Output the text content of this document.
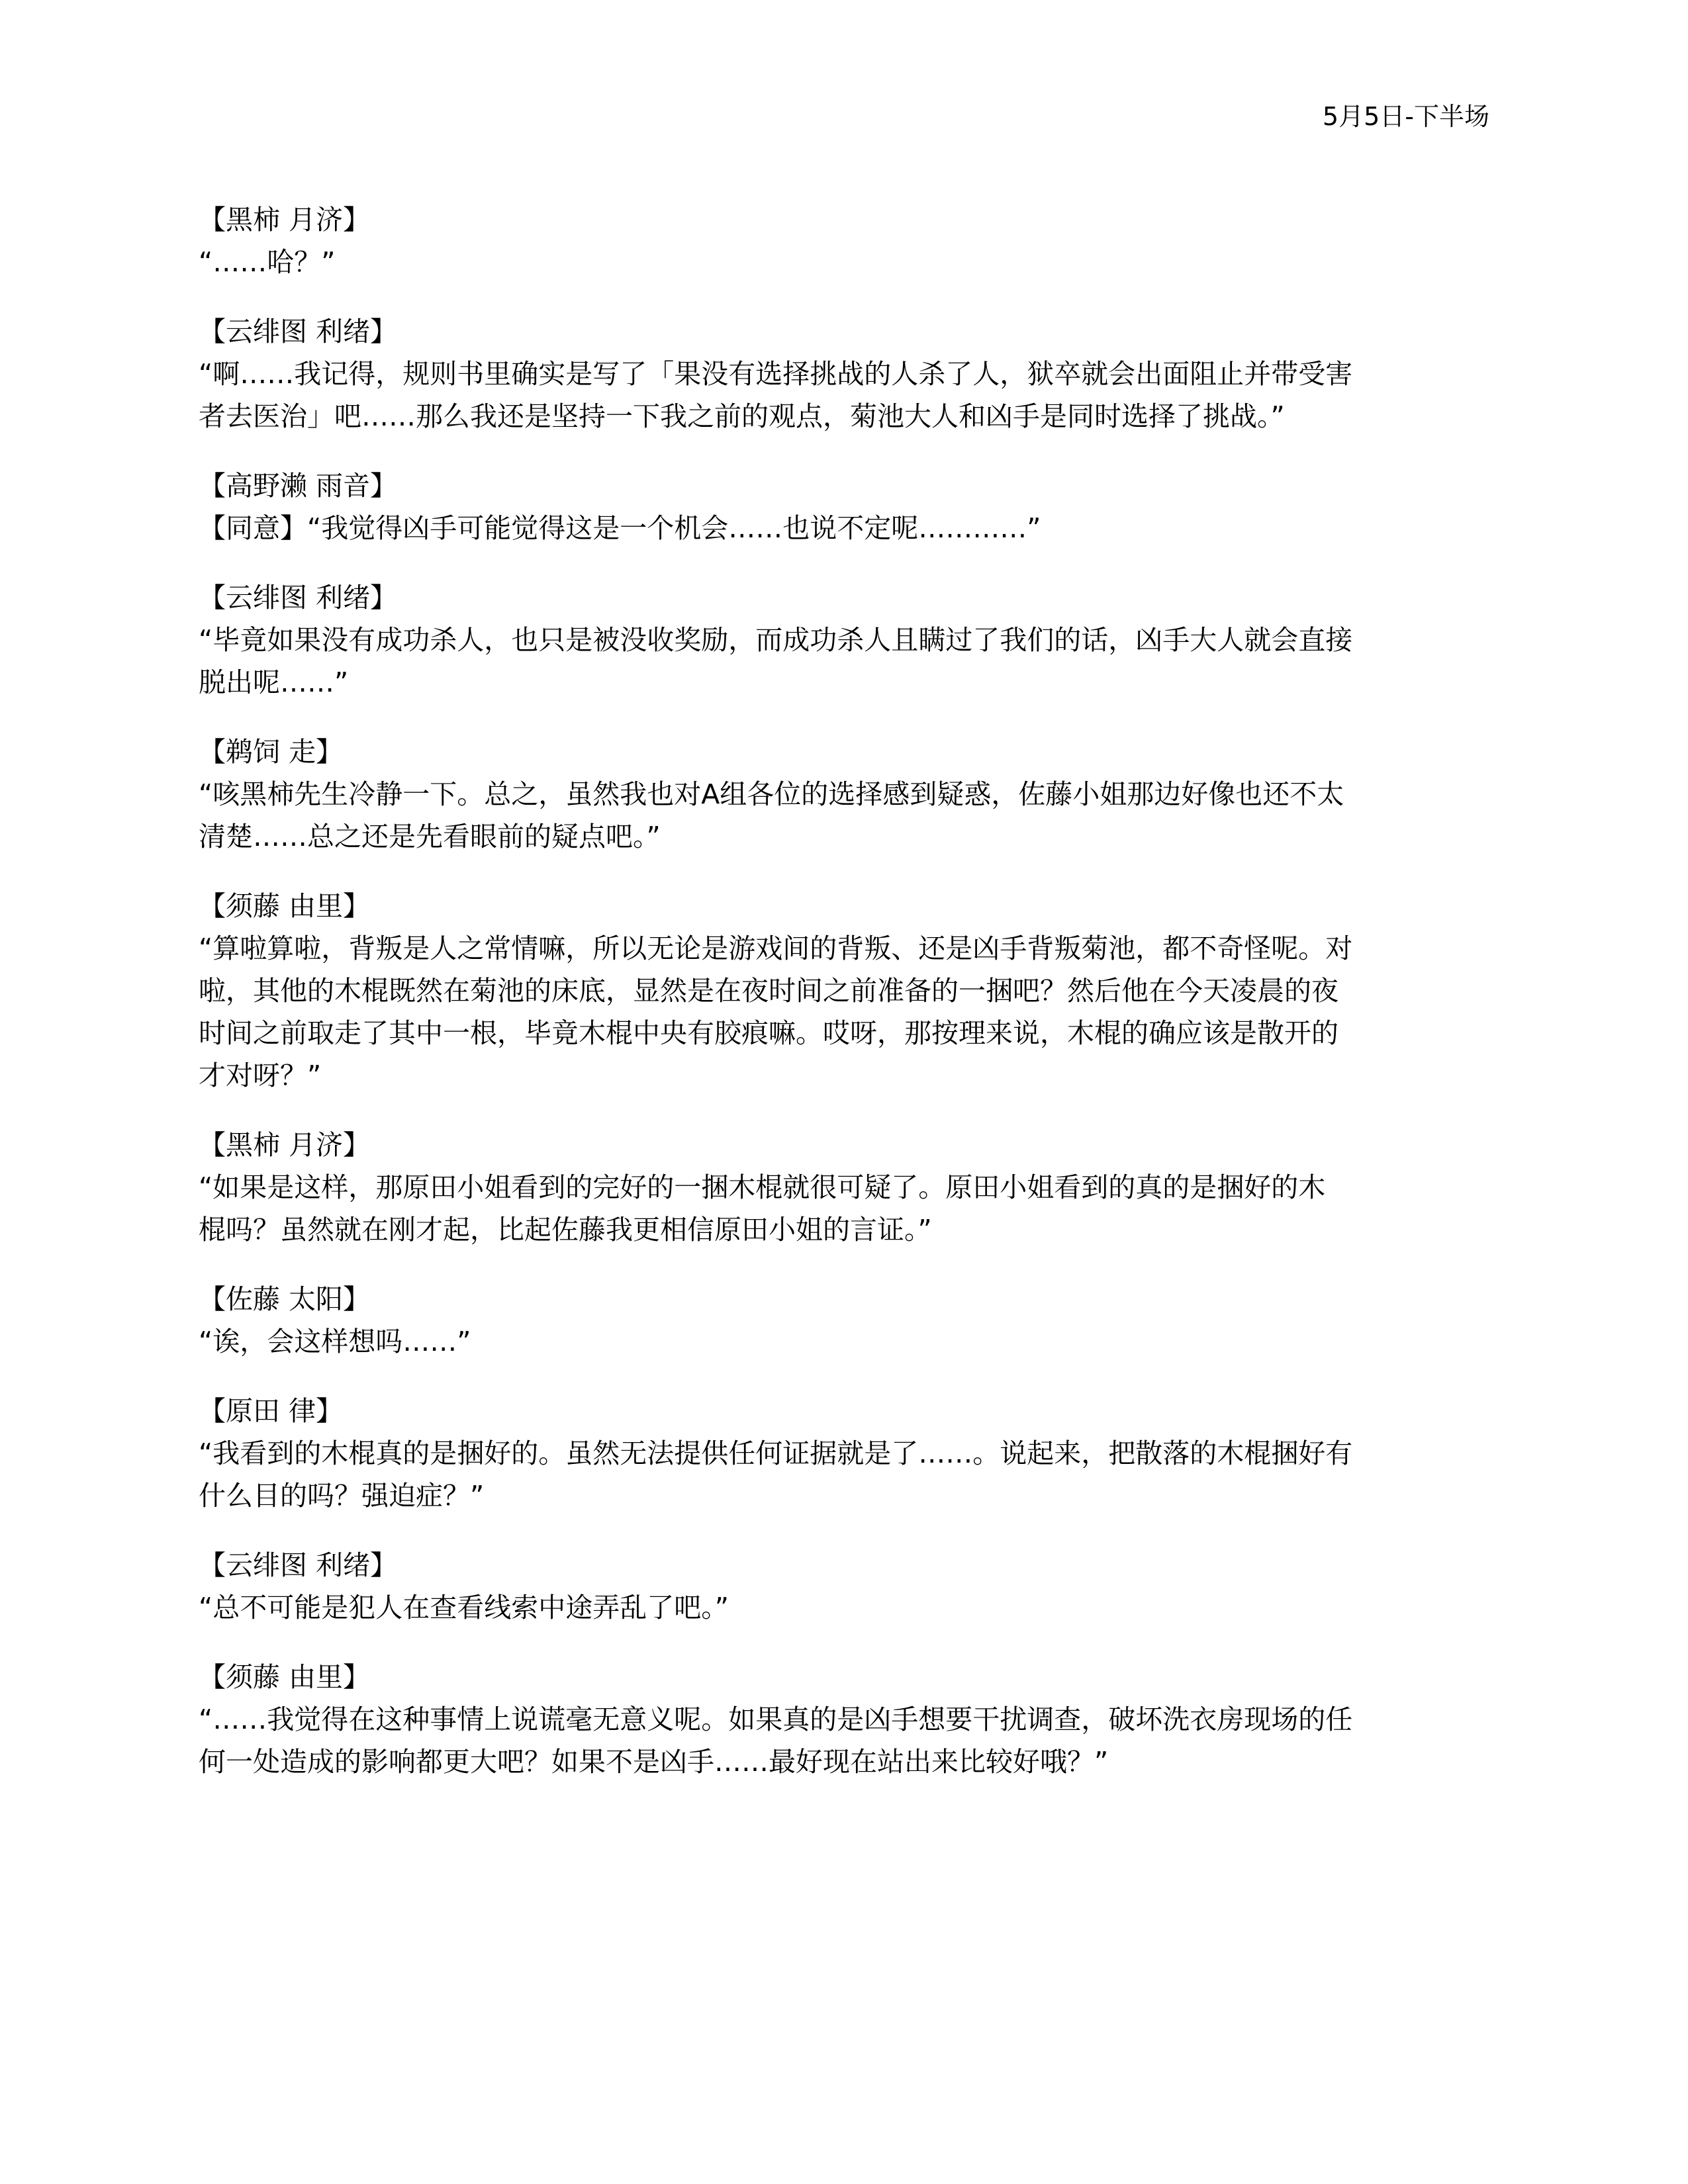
5月5日-下半场

【黑柿 月济】

“……哈？”

【云绯图 利绪】

“啊……我记得，规则书里确实是写了「果没有选择挑战的人杀了人，狱卒就会出面阻止并带受害

者去医治」吧……那么我还是坚持一下我之前的观点，菊池大人和凶手是同时选择了挑战。”

【高野濑 雨音】

【同意】“我觉得凶手可能觉得这是一个机会……也说不定呢…………”

【云绯图 利绪】

“毕竟如果没有成功杀人，也只是被没收奖励，而成功杀人且瞒过了我们的话，凶手大人就会直接

脱出呢……”

【鹈饲 走】

“咳黑柿先生冷静一下。总之，虽然我也对A组各位的选择感到疑惑，佐藤小姐那边好像也还不太

清楚……总之还是先看眼前的疑点吧。”

【须藤 由里】

“算啦算啦，背叛是人之常情嘛，所以无论是游戏间的背叛、还是凶手背叛菊池，都不奇怪呢。对

啦，其他的木棍既然在菊池的床底，显然是在夜时间之前准备的一捆吧？然后他在今天凌晨的夜

时间之前取走了其中一根，毕竟木棍中央有胶痕嘛。哎呀，那按理来说，木棍的确应该是散开的

才对呀？”

【黑柿 月济】

“如果是这样，那原田小姐看到的完好的一捆木棍就很可疑了。原田小姐看到的真的是捆好的木

棍吗？虽然就在刚才起，比起佐藤我更相信原田小姐的言证。”

【佐藤 太阳】

“诶，会这样想吗……”

【原田 律】

“我看到的木棍真的是捆好的。虽然无法提供任何证据就是了……。说起来，把散落的木棍捆好有

什么目的吗？强迫症？”

【云绯图 利绪】

“总不可能是犯人在查看线索中途弄乱了吧。”

【须藤 由里】

“……我觉得在这种事情上说谎毫无意义呢。如果真的是凶手想要干扰调查，破坏洗衣房现场的任

何一处造成的影响都更大吧？如果不是凶手……最好现在站出来比较好哦？”
